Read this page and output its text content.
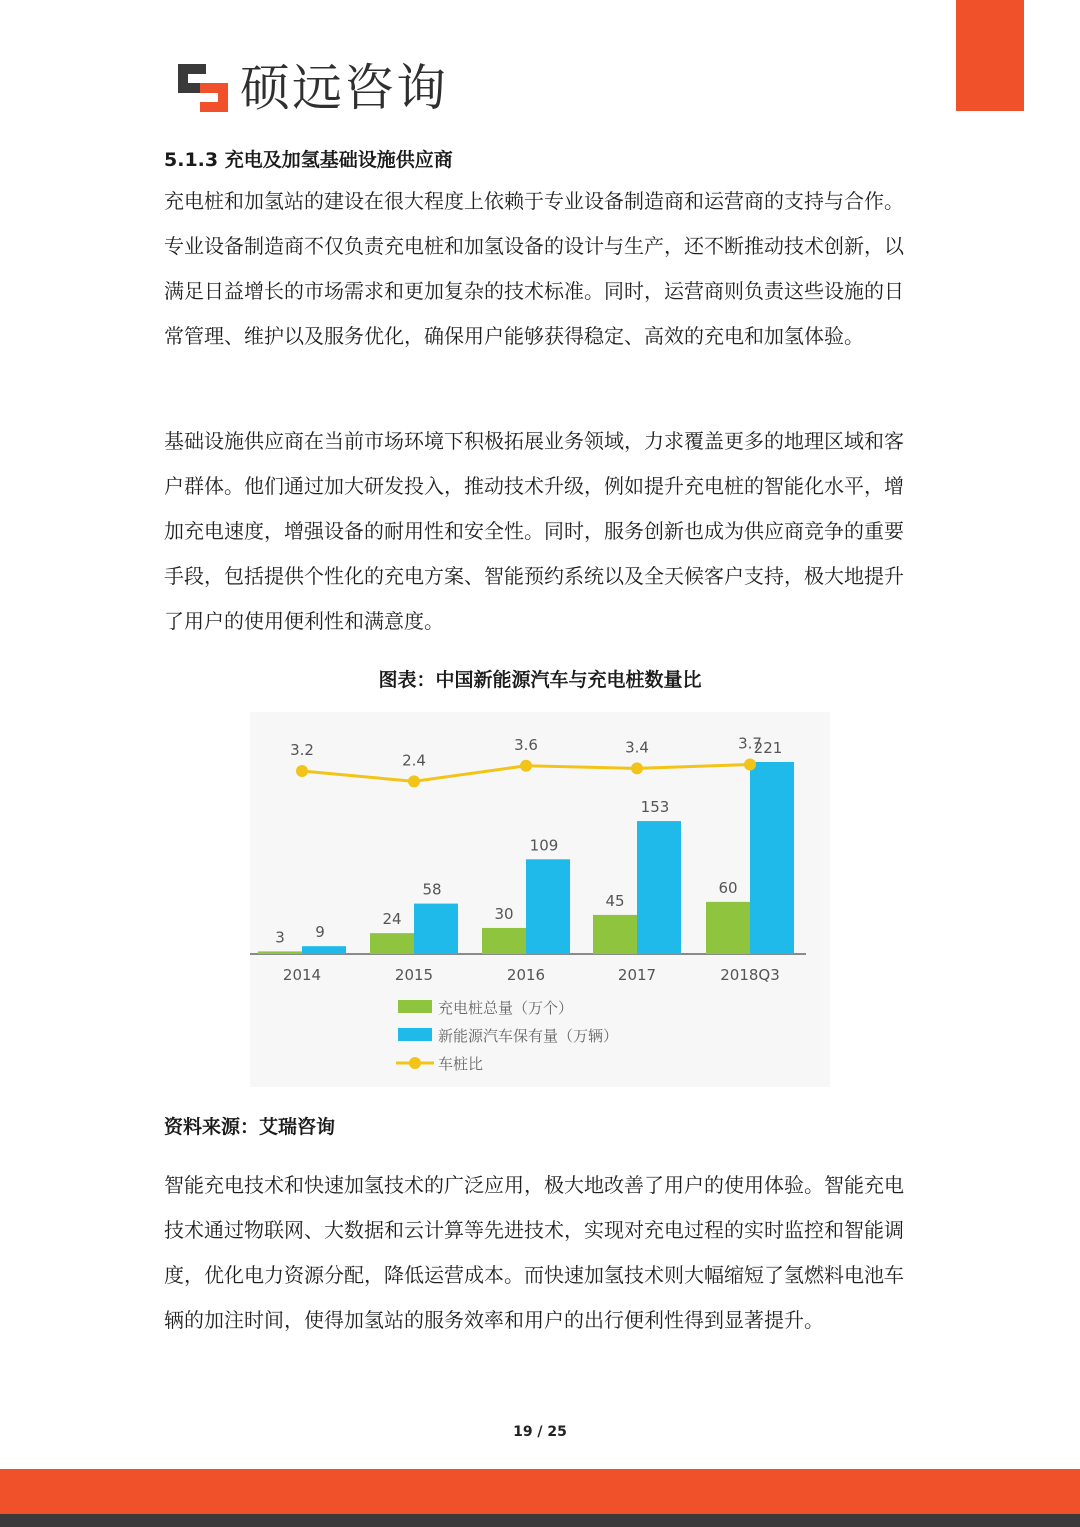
硕远咨询
5.1.3 充电及加氢基础设施供应商

充电桩和加氢站的建设在很大程度上依赖于专业设备制造商和运营商的支持与合作。专业设备制造商不仅负责充电桩和加氢设备的设计与生产，还不断推动技术创新，以满足日益增长的市场需求和更加复杂的技术标准。同时，运营商则负责这些设施的日常管理、维护以及服务优化，确保用户能够获得稳定、高效的充电和加氢体验。

基础设施供应商在当前市场环境下积极拓展业务领域，力求覆盖更多的地理区域和客户群体。他们通过加大研发投入，推动技术升级，例如提升充电桩的智能化水平，增加充电速度，增强设备的耐用性和安全性。同时，服务创新也成为供应商竞争的重要手段，包括提供个性化的充电方案、智能预约系统以及全天候客户支持，极大地提升了用户的使用便利性和满意度。

图表：中国新能源汽车与充电桩数量比
3 9
2014
24
58
2015
30
109
2016
45
153
2017
60
221
2018Q3
3.2
2.4
3.6	3.4	3.7
充电桩总量（万个）
新能源汽车保有量（万辆）
车桩比
资料来源：艾瑞咨询

智能充电技术和快速加氢技术的广泛应用，极大地改善了用户的使用体验。智能充电技术通过物联网、大数据和云计算等先进技术，实现对充电过程的实时监控和智能调度，优化电力资源分配，降低运营成本。而快速加氢技术则大幅缩短了氢燃料电池车辆的加注时间，使得加氢站的服务效率和用户的出行便利性得到显著提升。

19 / 25
